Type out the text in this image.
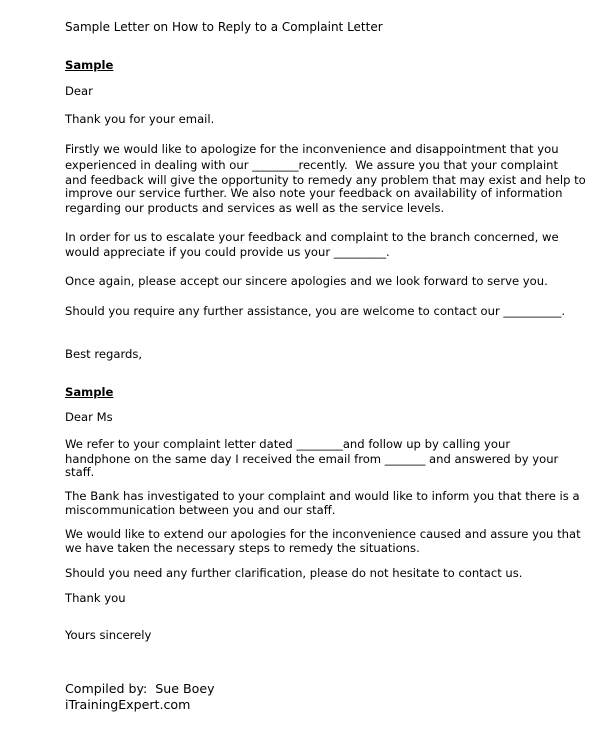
Sample Letter on How to Reply to a Complaint Letter
Sample
Dear
Thank you for your email.
Firstly we would like to apologize for the inconvenience and disappointment that you
experienced in dealing with our ________recently.  We assure you that your complaint
and feedback will give the opportunity to remedy any problem that may exist and help to
improve our service further. We also note your feedback on availability of information
regarding our products and services as well as the service levels.
In order for us to escalate your feedback and complaint to the branch concerned, we
would appreciate if you could provide us your _________.
Once again, please accept our sincere apologies and we look forward to serve you.
Should you require any further assistance, you are welcome to contact our __________.
Best regards,
Sample
Dear Ms
We refer to your complaint letter dated ________and follow up by calling your
handphone on the same day I received the email from _______ and answered by your
staff.
The Bank has investigated to your complaint and would like to inform you that there is a
miscommunication between you and our staff.
We would like to extend our apologies for the inconvenience caused and assure you that
we have taken the necessary steps to remedy the situations.
Should you need any further clarification, please do not hesitate to contact us.
Thank you
Yours sincerely
Compiled by:  Sue Boey
iTrainingExpert.com
